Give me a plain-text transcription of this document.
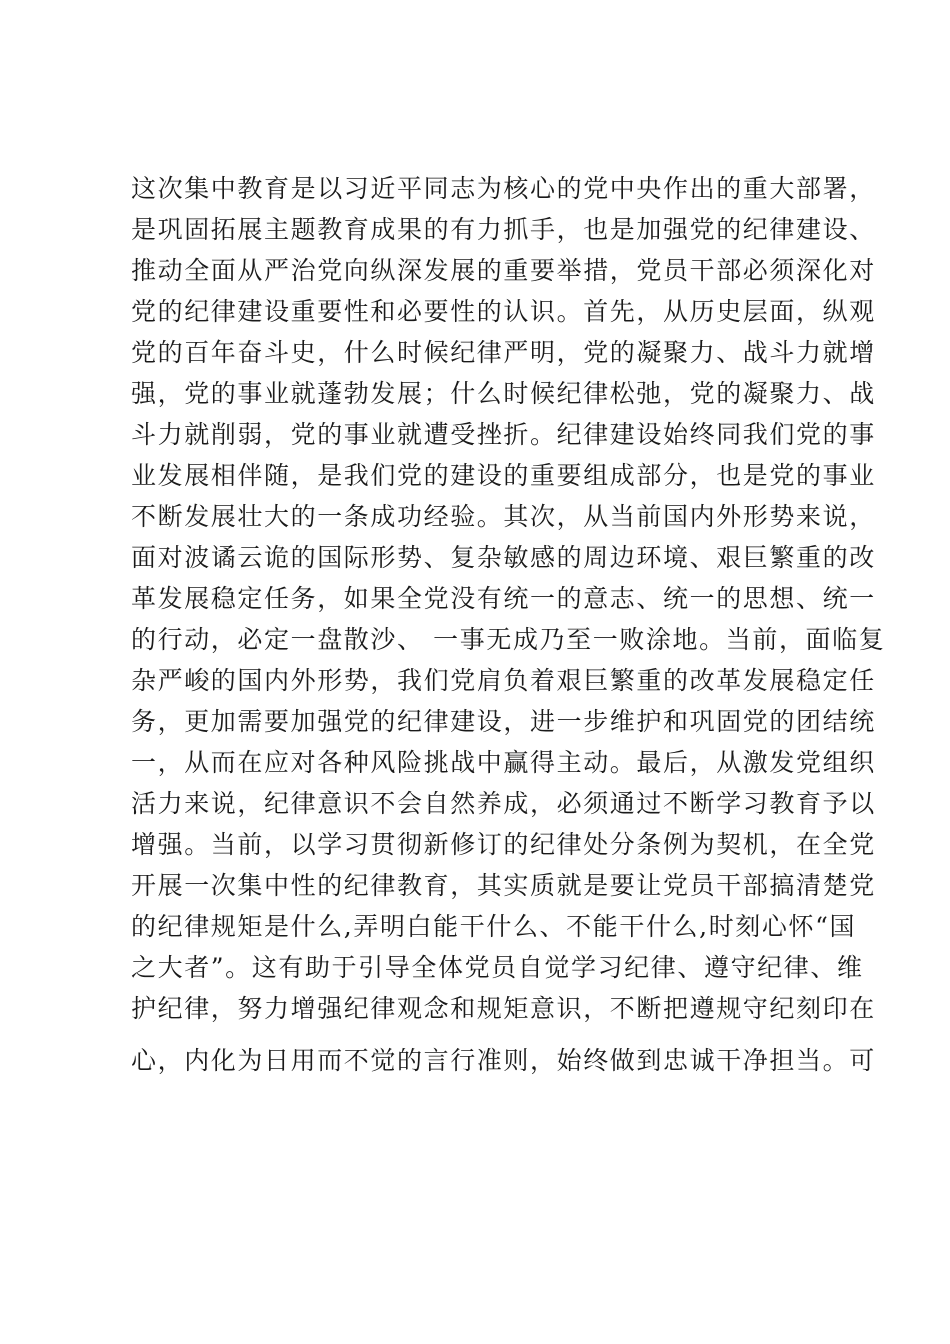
这次集中教育是以习近平同志为核心的党中央作出的重大部署，
是巩固拓展主题教育成果的有力抓手，也是加强党的纪律建设、
推动全面从严治党向纵深发展的重要举措，党员干部必须深化对
党的纪律建设重要性和必要性的认识。首先，从历史层面，纵观
党的百年奋斗史，什么时候纪律严明，党的凝聚力、战斗力就增
强，党的事业就蓬勃发展；什么时候纪律松弛，党的凝聚力、战
斗力就削弱，党的事业就遭受挫折。纪律建设始终同我们党的事
业发展相伴随，是我们党的建设的重要组成部分，也是党的事业
不断发展壮大的一条成功经验。其次，从当前国内外形势来说，
面对波谲云诡的国际形势、复杂敏感的周边环境、艰巨繁重的改
革发展稳定任务，如果全党没有统一的意志、统一的思想、统一
的行动，必定一盘散沙、 一事无成乃至一败涂地。当前，面临复
杂严峻的国内外形势，我们党肩负着艰巨繁重的改革发展稳定任
务，更加需要加强党的纪律建设，进一步维护和巩固党的团结统
一，从而在应对各种风险挑战中赢得主动。最后，从激发党组织
活力来说，纪律意识不会自然养成，必须通过不断学习教育予以
增强。当前，以学习贯彻新修订的纪律处分条例为契机，在全党
开展一次集中性的纪律教育，其实质就是要让党员干部搞清楚党
的纪律规矩是什么,弄明白能干什么、不能干什么,时刻心怀“国
之大者”。这有助于引导全体党员自觉学习纪律、遵守纪律、维
护纪律，努力增强纪律观念和规矩意识，不断把遵规守纪刻印在
心，内化为日用而不觉的言行准则，始终做到忠诚干净担当。可
